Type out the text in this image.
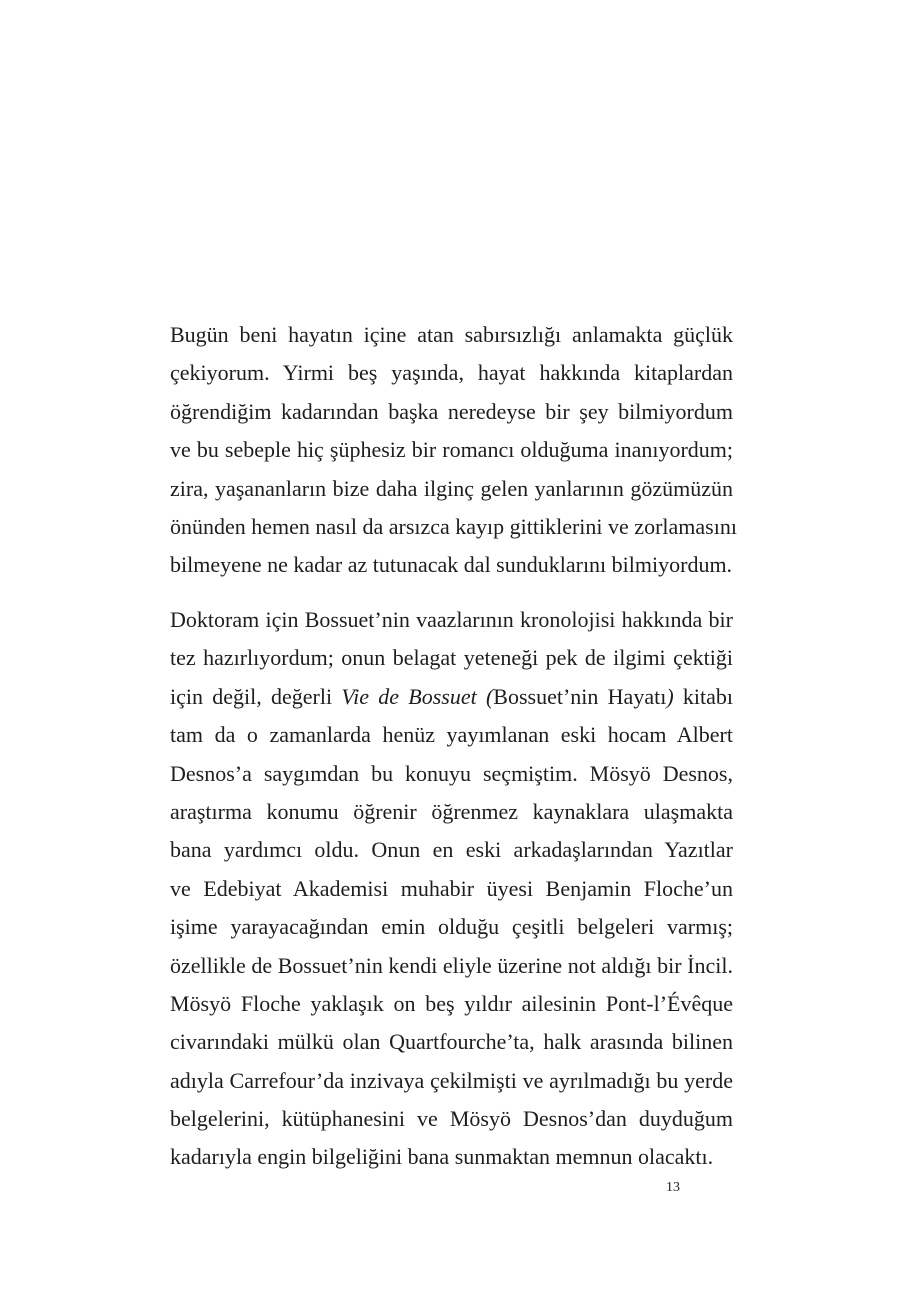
Bugün beni hayatın içine atan sabırsızlığı anlamakta güçlük
çekiyorum. Yirmi beş yaşında, hayat hakkında kitaplardan
öğrendiğim kadarından başka neredeyse bir şey bilmiyordum
ve bu sebeple hiç şüphesiz bir romancı olduğuma inanıyordum;
zira, yaşananların bize daha ilginç gelen yanlarının gözümüzün
önünden hemen nasıl da arsızca kayıp gittiklerini ve zorlamasını
bilmeyene ne kadar az tutunacak dal sunduklarını bilmiyordum.
Doktoram için Bossuet’nin vaazlarının kronolojisi hakkında bir
tez hazırlıyordum; onun belagat yeteneği pek de ilgimi çektiği
için değil, değerli Vie de Bossuet (Bossuet’nin Hayatı) kitabı
tam da o zamanlarda henüz yayımlanan eski hocam Albert
Desnos’a saygımdan bu konuyu seçmiştim. Mösyö Desnos,
araştırma konumu öğrenir öğrenmez kaynaklara ulaşmakta
bana yardımcı oldu. Onun en eski arkadaşlarından Yazıtlar
ve Edebiyat Akademisi muhabir üyesi Benjamin Floche’un
işime yarayacağından emin olduğu çeşitli belgeleri varmış;
özellikle de Bossuet’nin kendi eliyle üzerine not aldığı bir İncil.
Mösyö Floche yaklaşık on beş yıldır ailesinin Pont-l’Évêque
civarındaki mülkü olan Quartfourche’ta, halk arasında bilinen
adıyla Carrefour’da inzivaya çekilmişti ve ayrılmadığı bu yerde
belgelerini, kütüphanesini ve Mösyö Desnos’dan duyduğum
kadarıyla engin bilgeliğini bana sunmaktan memnun olacaktı.
13
